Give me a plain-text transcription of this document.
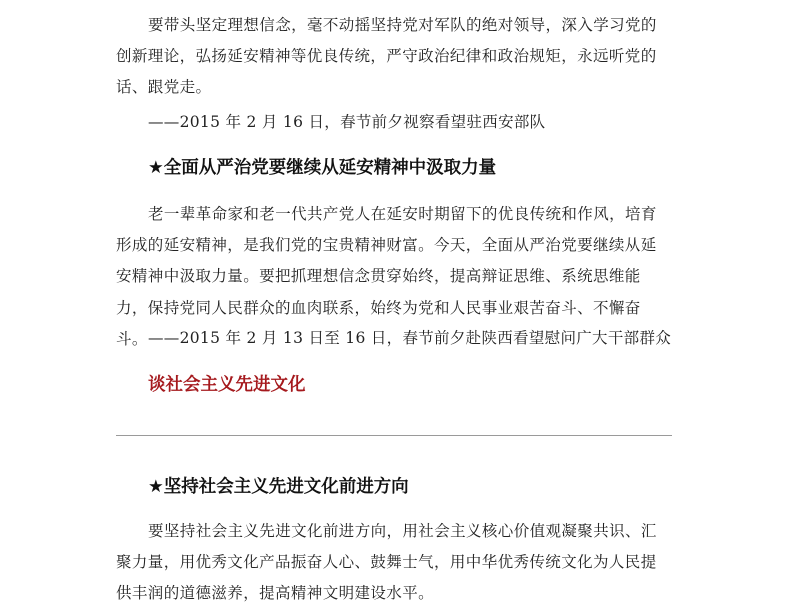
要带头坚定理想信念，毫不动摇坚持党对军队的绝对领导，深入学习党的创新理论，弘扬延安精神等优良传统，严守政治纪律和政治规矩，永远听党的话、跟党走。

——2015 年 2 月 16 日，春节前夕视察看望驻西安部队
★全面从严治党要继续从延安精神中汲取力量

老一辈革命家和老一代共产党人在延安时期留下的优良传统和作风，培育形成的延安精神，是我们党的宝贵精神财富。今天，全面从严治党要继续从延安精神中汲取力量。要把抓理想信念贯穿始终，提高辩证思维、系统思维能力，保持党同人民群众的血肉联系，始终为党和人民事业艰苦奋斗、不懈奋斗。 ——2015 年 2 月 13 日至 16 日，春节前夕赴陕西看望慰问广大干部群众
谈社会主义先进文化
★坚持社会主义先进文化前进方向

要坚持社会主义先进文化前进方向，用社会主义核心价值观凝聚共识、汇聚力量，用优秀文化产品振奋人心、鼓舞士气，用中华优秀传统文化为人民提供丰润的道德滋养，提高精神文明建设水平。
